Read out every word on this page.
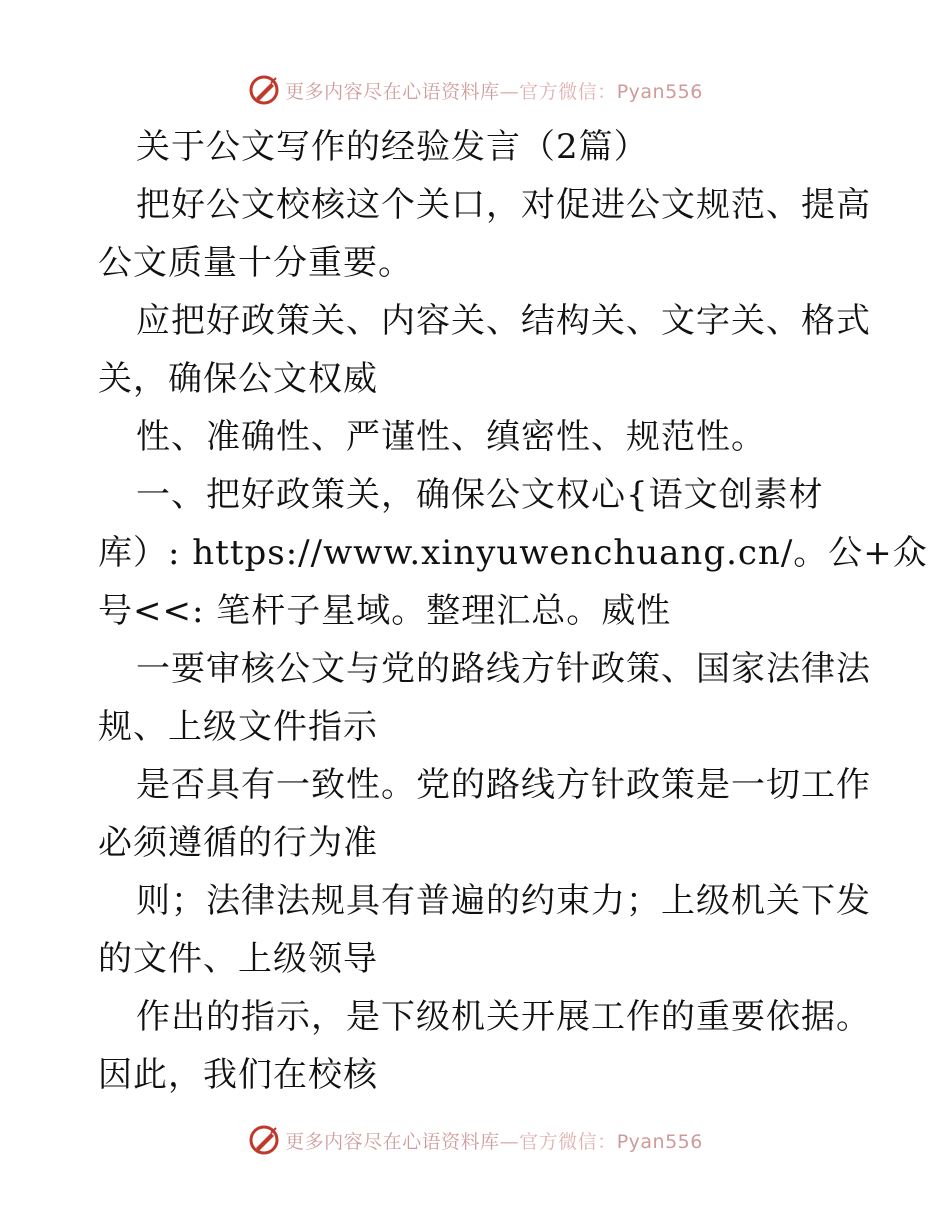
更多内容尽在心语资料库—官方微信：Pyan556
关于公文写作的经验发言（2篇）
把好公文校核这个关口，对促进公文规范、提高
公文质量十分重要。
应把好政策关、内容关、结构关、文字关、格式
关，确保公文权威
性、准确性、严谨性、缜密性、规范性。
一、把好政策关，确保公文权心{语文创素材
库）: https://www.xinyuwenchuang.cn/。公+众
号<<: 笔杆子星域。整理汇总。威性
一要审核公文与党的路线方针政策、国家法律法
规、上级文件指示
是否具有一致性。党的路线方针政策是一切工作
必须遵循的行为准
则；法律法规具有普遍的约束力；上级机关下发
的文件、上级领导
作出的指示，是下级机关开展工作的重要依据。
因此，我们在校核
更多内容尽在心语资料库—官方微信：Pyan556
